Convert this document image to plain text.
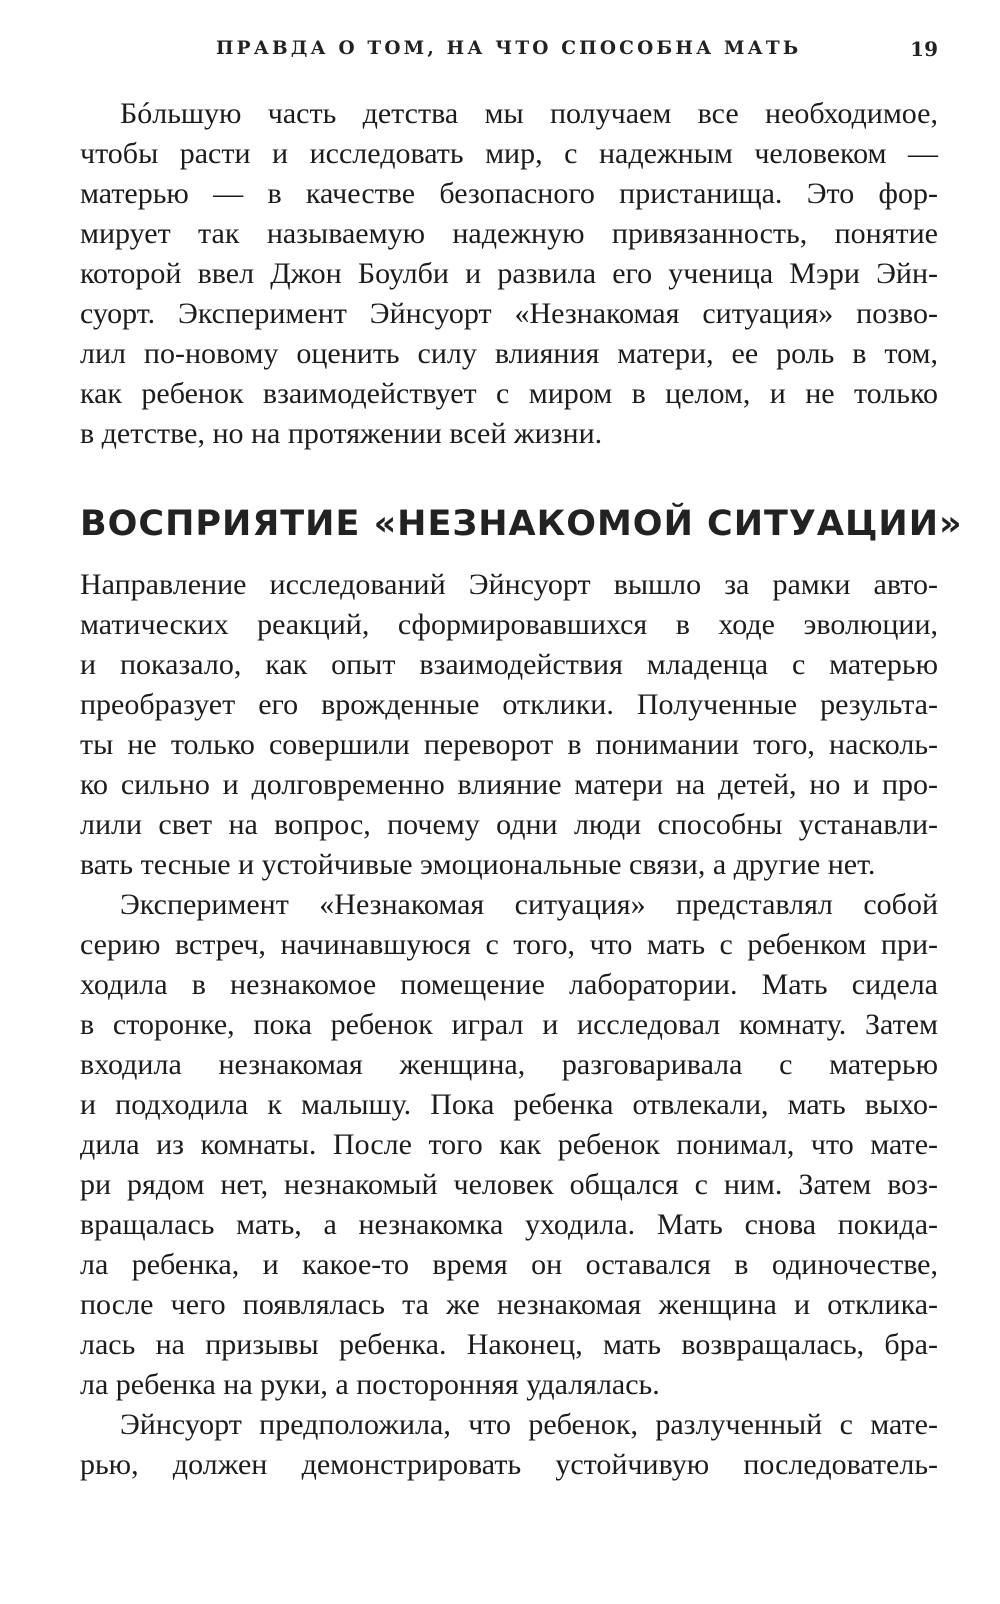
ПРАВДА О ТОМ, НА ЧТО СПОСОБНА МАТЬ	19
Бóльшую часть детства мы получаем все необходимое,
чтобы расти и исследовать мир, с надежным человеком —
матерью — в качестве безопасного пристанища. Это фор-
мирует так называемую надежную привязанность, понятие
которой ввел Джон Боулби и развила его ученица Мэри Эйн-
суорт. Эксперимент Эйнсуорт «Незнакомая ситуация» позво-
лил по-новому оценить силу влияния матери, ее роль в том,
как ребенок взаимодействует с миром в целом, и не только
в детстве, но на протяжении всей жизни.
ВОСПРИЯТИЕ «НЕЗНАКОМОЙ СИТУАЦИИ»
Направление исследований Эйнсуорт вышло за рамки авто-
матических реакций, сформировавшихся в ходе эволюции,
и показало, как опыт взаимодействия младенца с матерью
преобразует его врожденные отклики. Полученные результа-
ты не только совершили переворот в понимании того, насколь-
ко сильно и долговременно влияние матери на детей, но и про-
лили свет на вопрос, почему одни люди способны устанавли-
вать тесные и устойчивые эмоциональные связи, а другие нет.
Эксперимент «Незнакомая ситуация» представлял собой
серию встреч, начинавшуюся с того, что мать с ребенком при-
ходила в незнакомое помещение лаборатории. Мать сидела
в сторонке, пока ребенок играл и исследовал комнату. Затем
входила незнакомая женщина, разговаривала с матерью
и подходила к малышу. Пока ребенка отвлекали, мать выхо-
дила из комнаты. После того как ребенок понимал, что мате-
ри рядом нет, незнакомый человек общался с ним. Затем воз-
вращалась мать, а незнакомка уходила. Мать снова покида-
ла ребенка, и какое-то время он оставался в одиночестве,
после чего появлялась та же незнакомая женщина и отклика-
лась на призывы ребенка. Наконец, мать возвращалась, бра-
ла ребенка на руки, а посторонняя удалялась.
Эйнсуорт предположила, что ребенок, разлученный с мате-
рью, должен демонстрировать устойчивую последователь-
